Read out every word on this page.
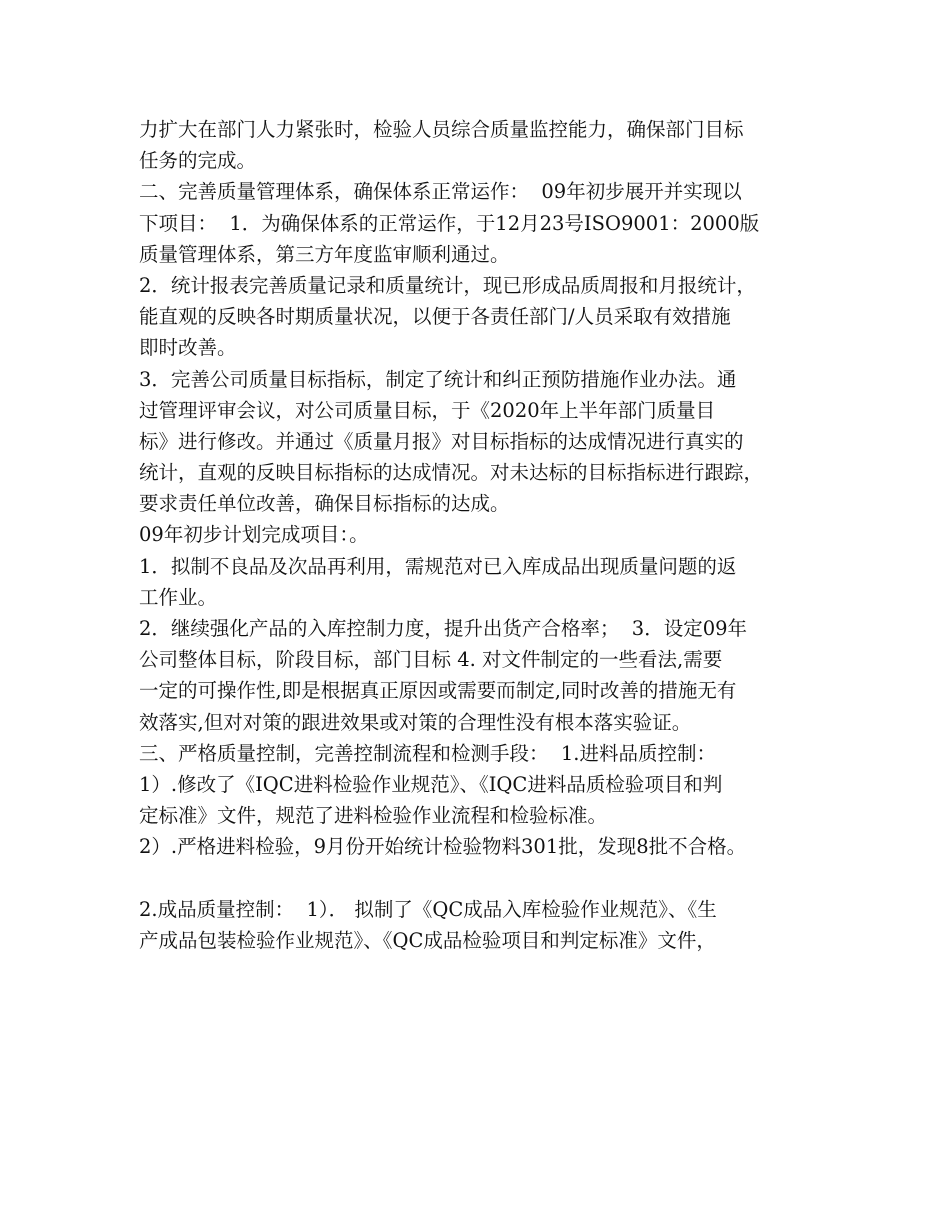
力扩大在部门人力紧张时，检验人员综合质量监控能力，确保部门目标
任务的完成。
二、完善质量管理体系，确保体系正常运作：  09年初步展开并实现以
下项目：  1．为确保体系的正常运作，于12月23号ISO9001：2000版
质量管理体系，第三方年度监审顺利通过。
2．统计报表完善质量记录和质量统计，现已形成品质周报和月报统计，
能直观的反映各时期质量状况，以便于各责任部门/人员采取有效措施
即时改善。
3．完善公司质量目标指标，制定了统计和纠正预防措施作业办法。通
过管理评审会议，对公司质量目标，于《2020年上半年部门质量目
标》进行修改。并通过《质量月报》对目标指标的达成情况进行真实的
统计，直观的反映目标指标的达成情况。对未达标的目标指标进行跟踪，
要求责任单位改善，确保目标指标的达成。
09年初步计划完成项目：。
1．拟制不良品及次品再利用，需规范对已入库成品出现质量问题的返
工作业。
2．继续强化产品的入库控制力度，提升出货产合格率；  3．设定09年
公司整体目标，阶段目标，部门目标 4. 对文件制定的一些看法,需要
一定的可操作性,即是根据真正原因或需要而制定,同时改善的措施无有
效落实,但对对策的跟进效果或对策的合理性没有根本落实验证。
三、严格质量控制，完善控制流程和检测手段：  1.进料品质控制：
1）.修改了《IQC进料检验作业规范》、《IQC进料品质检验项目和判
定标准》文件，规范了进料检验作业流程和检验标准。
2）.严格进料检验，9月份开始统计检验物料301批，发现8批不合格。
2.成品质量控制：  1）． 拟制了《QC成品入库检验作业规范》、《生
产成品包装检验作业规范》、《QC成品检验项目和判定标准》文件，
